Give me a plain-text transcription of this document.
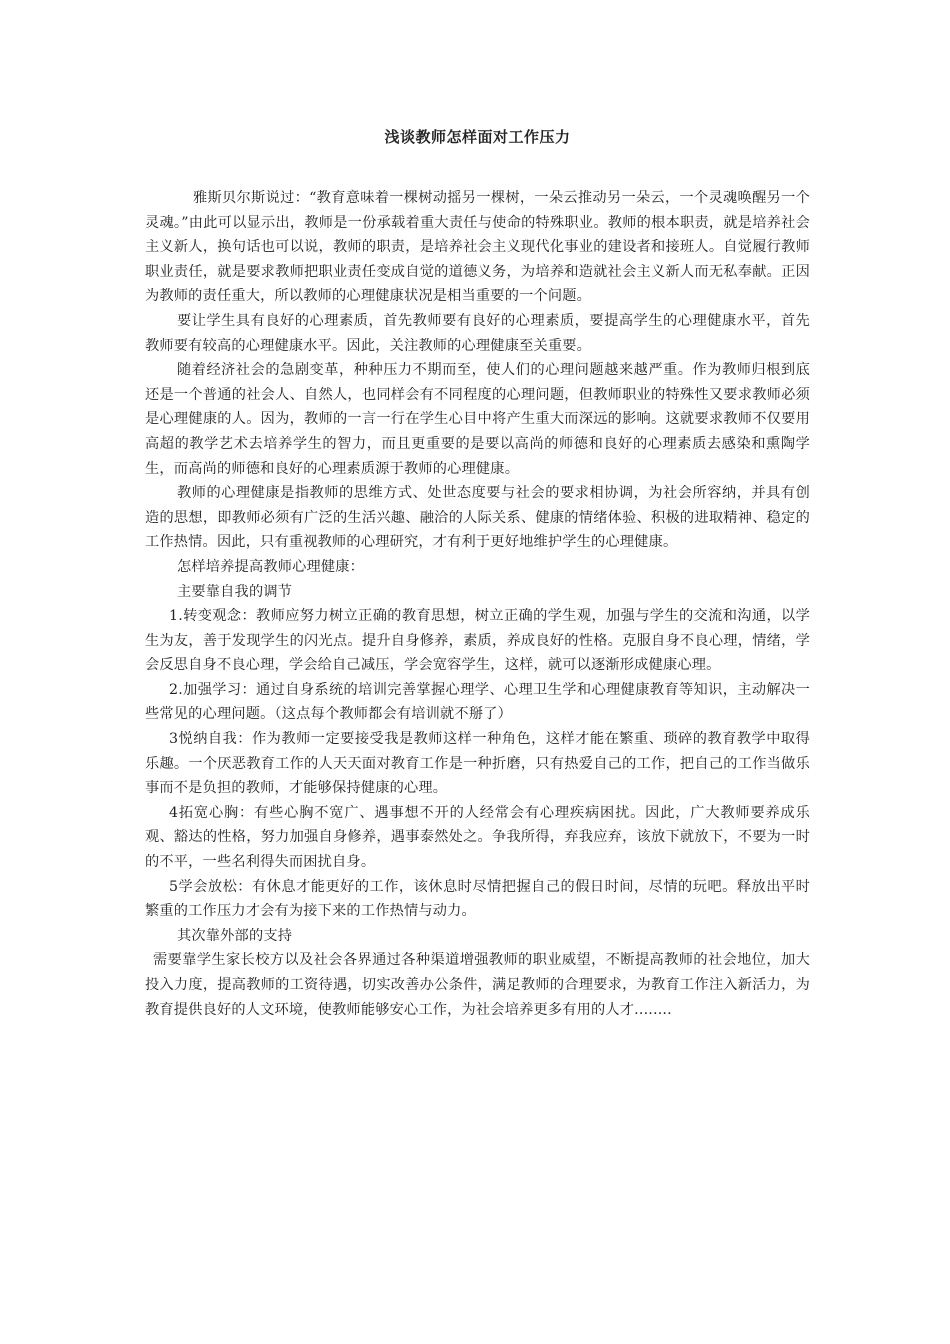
浅谈教师怎样面对工作压力

雅斯贝尔斯说过：“教育意味着一棵树动摇另一棵树，一朵云推动另一朵云，一个灵魂唤醒另一个灵魂。”由此可以显示出，教师是一份承载着重大责任与使命的特殊职业。教师的根本职责，就是培养社会主义新人，换句话也可以说，教师的职责，是培养社会主义现代化事业的建设者和接班人。自觉履行教师职业责任，就是要求教师把职业责任变成自觉的道德义务，为培养和造就社会主义新人而无私奉献。正因为教师的责任重大，所以教师的心理健康状况是相当重要的一个问题。

要让学生具有良好的心理素质，首先教师要有良好的心理素质，要提高学生的心理健康水平，首先教师要有较高的心理健康水平。因此，关注教师的心理健康至关重要。

随着经济社会的急剧变革，种种压力不期而至，使人们的心理问题越来越严重。作为教师归根到底还是一个普通的社会人、自然人，也同样会有不同程度的心理问题，但教师职业的特殊性又要求教师必须是心理健康的人。因为，教师的一言一行在学生心目中将产生重大而深远的影响。这就要求教师不仅要用高超的教学艺术去培养学生的智力，而且更重要的是要以高尚的师德和良好的心理素质去感染和熏陶学生，而高尚的师德和良好的心理素质源于教师的心理健康。

教师的心理健康是指教师的思维方式、处世态度要与社会的要求相协调，为社会所容纳，并具有创造的思想，即教师必须有广泛的生活兴趣、融洽的人际关系、健康的情绪体验、积极的进取精神、稳定的工作热情。因此，只有重视教师的心理研究，才有利于更好地维护学生的心理健康。

怎样培养提高教师心理健康：

主要靠自我的调节

1.转变观念：教师应努力树立正确的教育思想，树立正确的学生观，加强与学生的交流和沟通，以学生为友，善于发现学生的闪光点。提升自身修养，素质，养成良好的性格。克服自身不良心理，情绪，学会反思自身不良心理，学会给自己减压，学会宽容学生，这样，就可以逐渐形成健康心理。

2.加强学习：通过自身系统的培训完善掌握心理学、心理卫生学和心理健康教育等知识，主动解决一些常见的心理问题。（这点每个教师都会有培训就不掰了）

3悦纳自我：作为教师一定要接受我是教师这样一种角色，这样才能在繁重、琐碎的教育教学中取得乐趣。一个厌恶教育工作的人天天面对教育工作是一种折磨，只有热爱自己的工作，把自己的工作当做乐事而不是负担的教师，才能够保持健康的心理。

4拓宽心胸：有些心胸不宽广、遇事想不开的人经常会有心理疾病困扰。因此，广大教师要养成乐观、豁达的性格，努力加强自身修养，遇事泰然处之。争我所得，弃我应弃，该放下就放下，不要为一时的不平，一些名利得失而困扰自身。

5学会放松：有休息才能更好的工作，该休息时尽情把握自己的假日时间，尽情的玩吧。释放出平时繁重的工作压力才会有为接下来的工作热情与动力。

其次靠外部的支持

需要靠学生家长校方以及社会各界通过各种渠道增强教师的职业威望，不断提高教师的社会地位，加大投入力度，提高教师的工资待遇，切实改善办公条件，满足教师的合理要求，为教育工作注入新活力，为教育提供良好的人文环境，使教师能够安心工作，为社会培养更多有用的人才........
